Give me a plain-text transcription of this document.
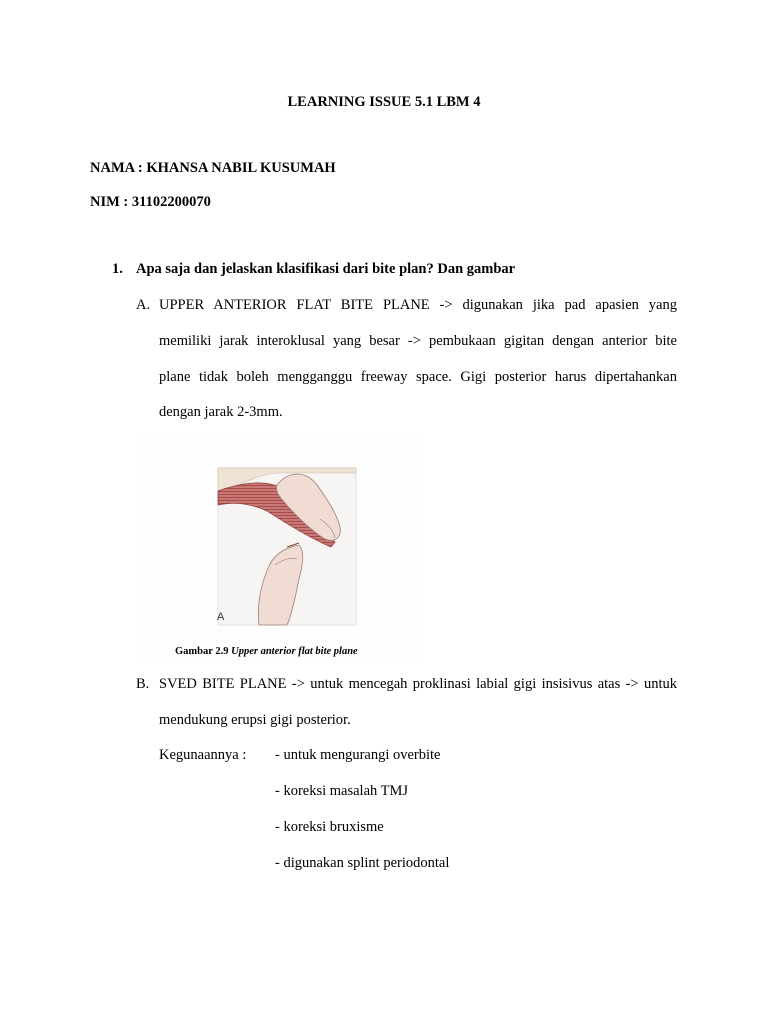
LEARNING ISSUE 5.1 LBM 4
NAMA : KHANSA NABIL KUSUMAH
NIM : 31102200070
1. Apa saja dan jelaskan klasifikasi dari bite plan? Dan gambar
A. UPPER ANTERIOR FLAT BITE PLANE -> digunakan jika pad apasien yang
memiliki jarak interoklusal yang besar -> pembukaan gigitan dengan anterior bite
plane tidak boleh mengganggu freeway space. Gigi posterior harus dipertahankan
dengan jarak 2-3mm.
A
Gambar 2.9 Upper anterior flat bite plane
B. SVED BITE PLANE -> untuk mencegah proklinasi labial gigi insisivus atas -> untuk
mendukung erupsi gigi posterior.
Kegunaannya : - untuk mengurangi overbite
- koreksi masalah TMJ
- koreksi bruxisme
- digunakan splint periodontal
